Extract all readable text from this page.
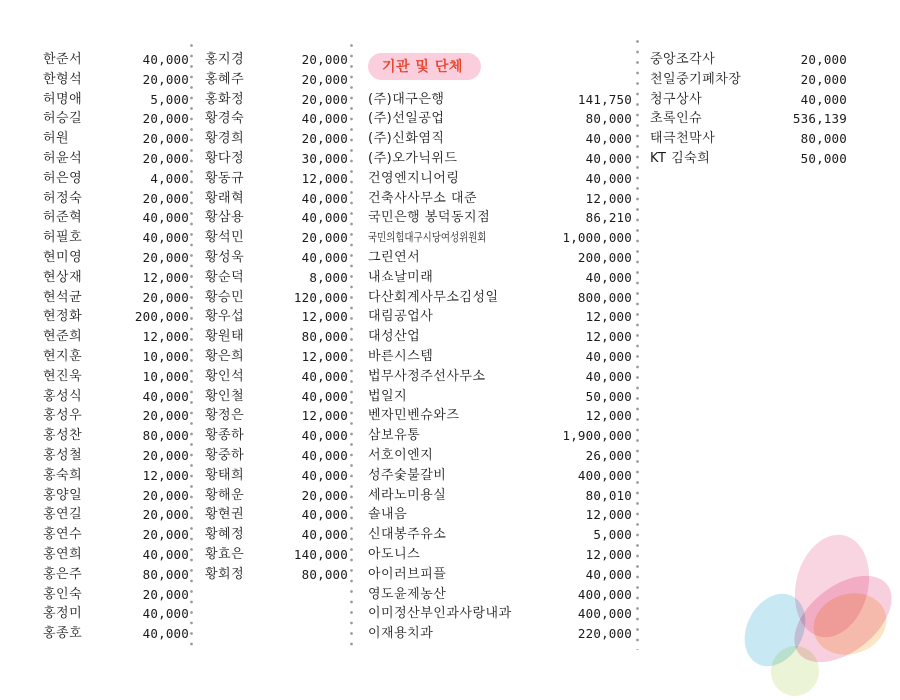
한준서	40,000
한형석	20,000
허명애	5,000
허승길	20,000
허원	20,000
허윤석	20,000
허은영	4,000
허정숙	20,000
허준혁	40,000
허필호	40,000
현미영	20,000
현상재	12,000
현석균	20,000
현정화	200,000
현준희	12,000
현지훈	10,000
현진욱	10,000
홍성식	40,000
홍성우	20,000
홍성찬	80,000
홍성철	20,000
홍숙희	12,000
홍양일	20,000
홍연길	20,000
홍연수	20,000
홍연희	40,000
홍은주	80,000
홍인숙	20,000
홍정미	40,000
홍종호	40,000
홍지경	20,000
홍혜주	20,000
홍화정	20,000
황경숙	40,000
황경희	20,000
황다정	30,000
황동규	12,000
황래혁	40,000
황삼용	40,000
황석민	20,000
황성욱	40,000
황순덕	8,000
황승민	120,000
황우섭	12,000
황원태	80,000
황은희	12,000
황인석	40,000
황인철	40,000
황정은	12,000
황종하	40,000
황중하	40,000
황태희	40,000
황해운	20,000
황현권	40,000
황혜정	40,000
황효은	140,000
황회정	80,000
기관 및 단체
(주)대구은행	141,750
(주)선일공업	80,000
(주)신화염직	40,000
(주)오가닉위드	40,000
건영엔지니어링	40,000
건축사사무소 대준	12,000
국민은행 봉덕동지점	86,210
국민의힘대구시당여성위원회	1,000,000
그린연서	200,000
내쇼날미래	40,000
다산회계사무소김성일	800,000
대림공업사	12,000
대성산업	12,000
바른시스템	40,000
법무사정주선사무소	40,000
법일지	50,000
벤자민벤슈와즈	12,000
삼보유통	1,900,000
서호이엔지	26,000
성주숯불갈비	400,000
세라노미용실	80,010
솔내음	12,000
신대봉주유소	5,000
아도니스	12,000
아이러브피플	40,000
영도윤제농산	400,000
이미정산부인과사랑내과	400,000
이재용치과	220,000
중앙조각사	20,000
천일중기폐차장	20,000
청구상사	40,000
초록인슈	536,139
태극천막사	80,000
KT 김숙희	50,000
